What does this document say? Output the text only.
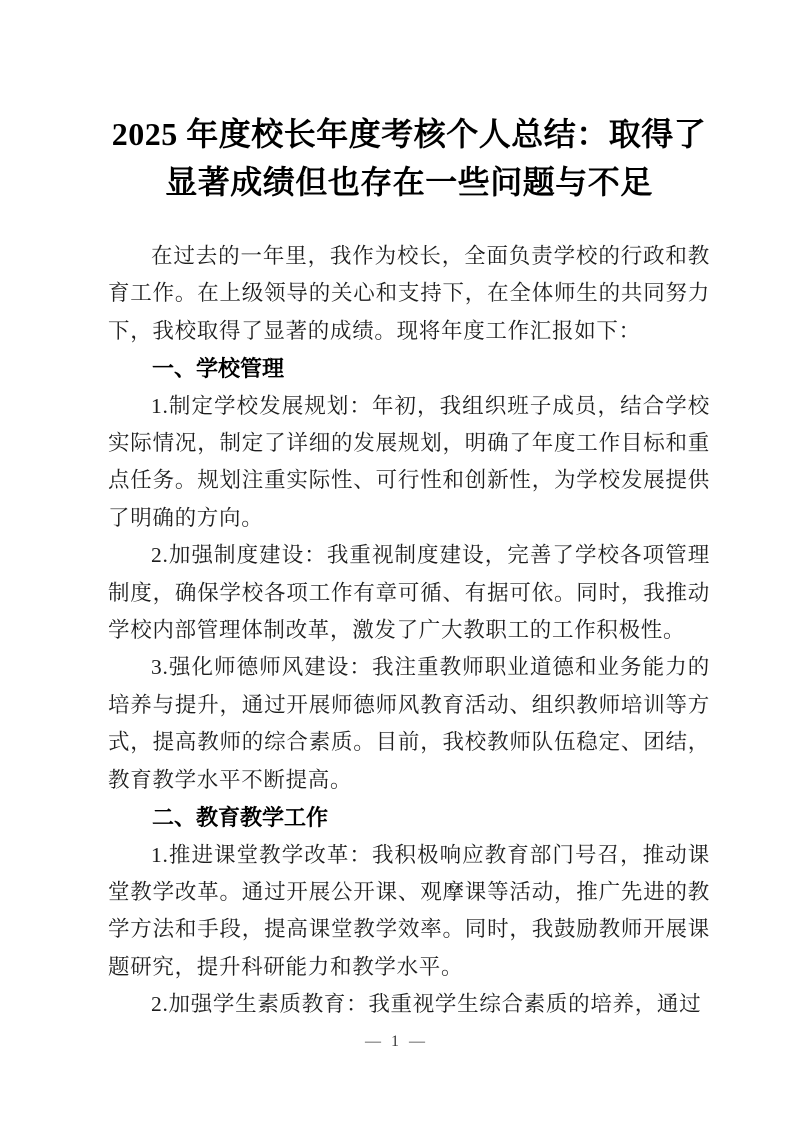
2025 年度校长年度考核个人总结：取得了
显著成绩但也存在一些问题与不足

在过去的一年里，我作为校长，全面负责学校的行政和教育工作。在上级领导的关心和支持下，在全体师生的共同努力下，我校取得了显著的成绩。现将年度工作汇报如下：

一、学校管理

1.制定学校发展规划：年初，我组织班子成员，结合学校实际情况，制定了详细的发展规划，明确了年度工作目标和重点任务。规划注重实际性、可行性和创新性，为学校发展提供了明确的方向。

2.加强制度建设：我重视制度建设，完善了学校各项管理制度，确保学校各项工作有章可循、有据可依。同时，我推动学校内部管理体制改革，激发了广大教职工的工作积极性。

3.强化师德师风建设：我注重教师职业道德和业务能力的培养与提升，通过开展师德师风教育活动、组织教师培训等方式，提高教师的综合素质。目前，我校教师队伍稳定、团结，教育教学水平不断提高。

二、教育教学工作

1.推进课堂教学改革：我积极响应教育部门号召，推动课堂教学改革。通过开展公开课、观摩课等活动，推广先进的教学方法和手段，提高课堂教学效率。同时，我鼓励教师开展课题研究，提升科研能力和教学水平。

2.加强学生素质教育：我重视学生综合素质的培养，通过

— 1 —
